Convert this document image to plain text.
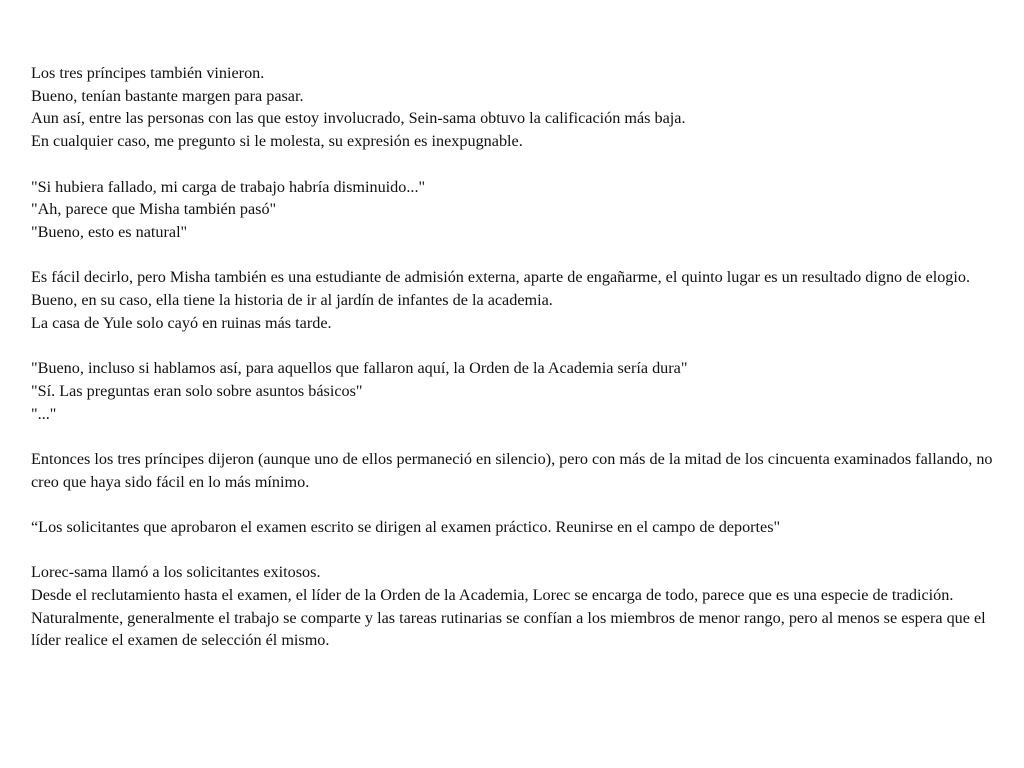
Los tres príncipes también vinieron.
Bueno, tenían bastante margen para pasar.
Aun así, entre las personas con las que estoy involucrado, Sein-sama obtuvo la calificación más baja.
En cualquier caso, me pregunto si le molesta, su expresión es inexpugnable.

"Si hubiera fallado, mi carga de trabajo habría disminuido..."
"Ah, parece que Misha también pasó"
"Bueno, esto es natural"

Es fácil decirlo, pero Misha también es una estudiante de admisión externa, aparte de engañarme, el quinto lugar es un resultado digno de elogio.
Bueno, en su caso, ella tiene la historia de ir al jardín de infantes de la academia.
La casa de Yule solo cayó en ruinas más tarde.

"Bueno, incluso si hablamos así, para aquellos que fallaron aquí, la Orden de la Academia sería dura"
"Sí. Las preguntas eran solo sobre asuntos básicos"
"..."

Entonces los tres príncipes dijeron (aunque uno de ellos permaneció en silencio), pero con más de la mitad de los cincuenta examinados fallando, no creo que haya sido fácil en lo más mínimo.

“Los solicitantes que aprobaron el examen escrito se dirigen al examen práctico. Reunirse en el campo de deportes"

Lorec-sama llamó a los solicitantes exitosos.
Desde el reclutamiento hasta el examen, el líder de la Orden de la Academia, Lorec se encarga de todo, parece que es una especie de tradición.
Naturalmente, generalmente el trabajo se comparte y las tareas rutinarias se confían a los miembros de menor rango, pero al menos se espera que el líder realice el examen de selección él mismo.
